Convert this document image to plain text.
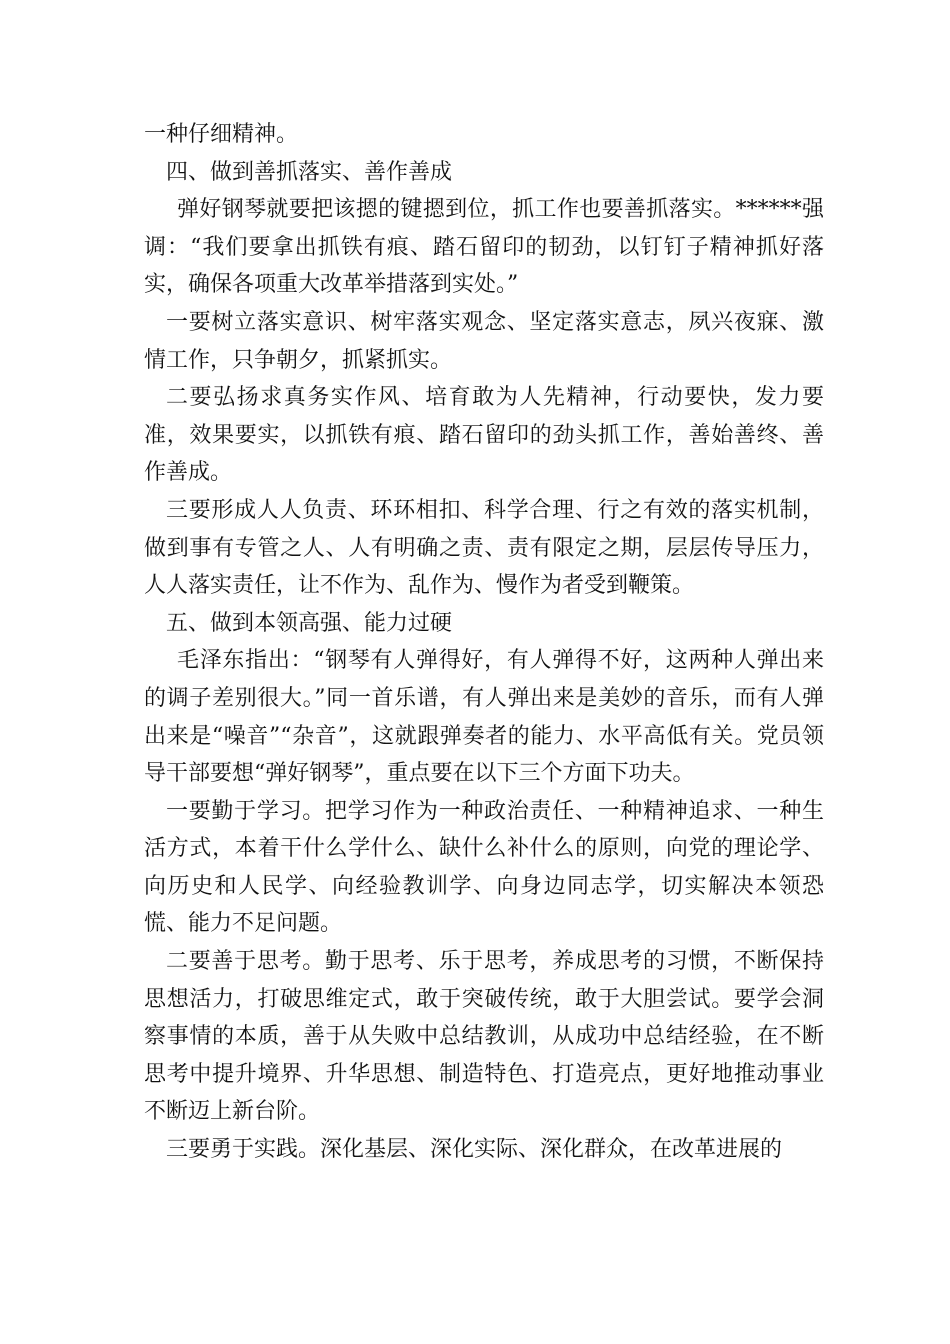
一种仔细精神。

四、做到善抓落实、善作善成

弹好钢琴就要把该摁的键摁到位，抓工作也要善抓落实。******强调：“我们要拿出抓铁有痕、踏石留印的韧劲，以钉钉子精神抓好落实，确保各项重大改革举措落到实处。”

一要树立落实意识、树牢落实观念、坚定落实意志，夙兴夜寐、激情工作，只争朝夕，抓紧抓实。

二要弘扬求真务实作风、培育敢为人先精神，行动要快，发力要准，效果要实，以抓铁有痕、踏石留印的劲头抓工作，善始善终、善作善成。

三要形成人人负责、环环相扣、科学合理、行之有效的落实机制，做到事有专管之人、人有明确之责、责有限定之期，层层传导压力，人人落实责任，让不作为、乱作为、慢作为者受到鞭策。

五、做到本领高强、能力过硬

毛泽东指出：“钢琴有人弹得好，有人弹得不好，这两种人弹出来的调子差别很大。”同一首乐谱，有人弹出来是美妙的音乐，而有人弹出来是“噪音”“杂音”，这就跟弹奏者的能力、水平高低有关。党员领导干部要想“弹好钢琴”，重点要在以下三个方面下功夫。

一要勤于学习。把学习作为一种政治责任、一种精神追求、一种生活方式，本着干什么学什么、缺什么补什么的原则，向党的理论学、向历史和人民学、向经验教训学、向身边同志学，切实解决本领恐慌、能力不足问题。

二要善于思考。勤于思考、乐于思考，养成思考的习惯，不断保持思想活力，打破思维定式，敢于突破传统，敢于大胆尝试。要学会洞察事情的本质，善于从失败中总结教训，从成功中总结经验，在不断思考中提升境界、升华思想、制造特色、打造亮点，更好地推动事业不断迈上新台阶。

三要勇于实践。深化基层、深化实际、深化群众，在改革进展的
